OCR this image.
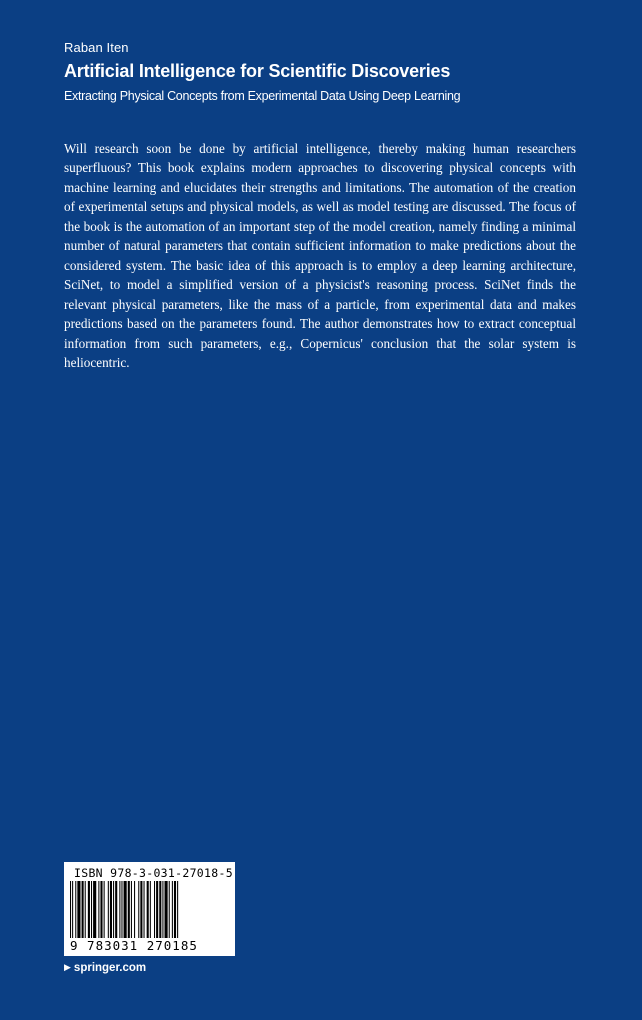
Raban Iten
Artificial Intelligence for Scientific Discoveries
Extracting Physical Concepts from Experimental Data Using Deep Learning

Will research soon be done by artificial intelligence, thereby making human researchers superfluous? This book explains modern approaches to discovering physical concepts with machine learning and elucidates their strengths and limitations. The automation of the creation of experimental setups and physical models, as well as model testing are discussed. The focus of the book is the automation of an important step of the model creation, namely finding a minimal number of natural parameters that contain sufficient information to make predictions about the considered system. The basic idea of this approach is to employ a deep learning architecture, SciNet, to model a simplified version of a physicist's reasoning process. SciNet finds the relevant physical parameters, like the mass of a particle, from experimental data and makes predictions based on the parameters found. The author demonstrates how to extract conceptual information from such parameters, e.g., Copernicus' conclusion that the solar system is heliocentric.

ISBN 978-3-031-27018-5
9 783031 270185
▶ springer.com
